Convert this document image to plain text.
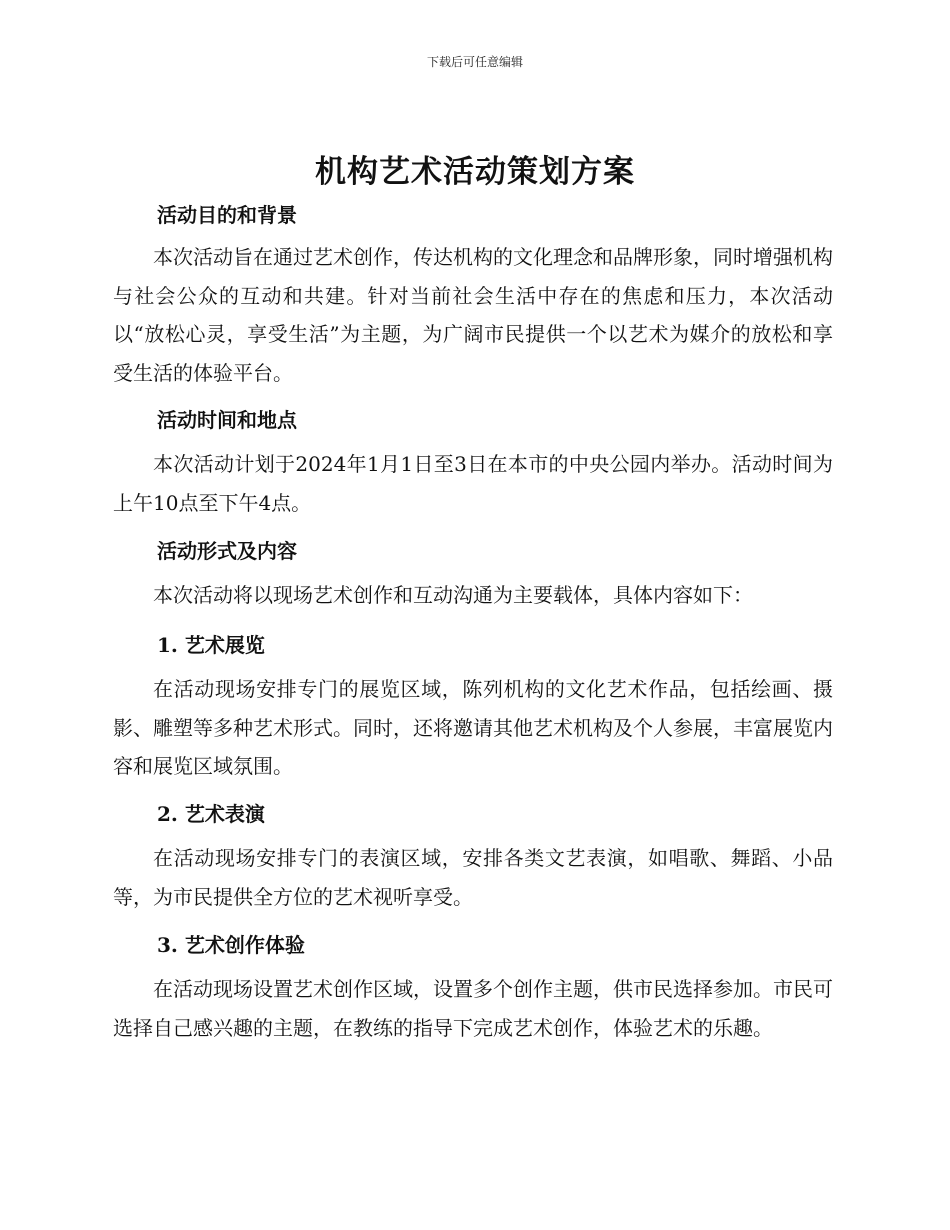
下载后可任意编辑
机构艺术活动策划方案
活动目的和背景

本次活动旨在通过艺术创作，传达机构的文化理念和品牌形象，同时增强机构与社会公众的互动和共建。针对当前社会生活中存在的焦虑和压力，本次活动以“放松心灵，享受生活”为主题，为广阔市民提供一个以艺术为媒介的放松和享受生活的体验平台。

活动时间和地点

本次活动计划于2024年1月1日至3日在本市的中央公园内举办。活动时间为上午10点至下午4点。

活动形式及内容

本次活动将以现场艺术创作和互动沟通为主要载体，具体内容如下：

1. 艺术展览

在活动现场安排专门的展览区域，陈列机构的文化艺术作品，包括绘画、摄影、雕塑等多种艺术形式。同时，还将邀请其他艺术机构及个人参展，丰富展览内容和展览区域氛围。

2. 艺术表演

在活动现场安排专门的表演区域，安排各类文艺表演，如唱歌、舞蹈、小品等，为市民提供全方位的艺术视听享受。

3. 艺术创作体验

在活动现场设置艺术创作区域，设置多个创作主题，供市民选择参加。市民可选择自己感兴趣的主题，在教练的指导下完成艺术创作，体验艺术的乐趣。
